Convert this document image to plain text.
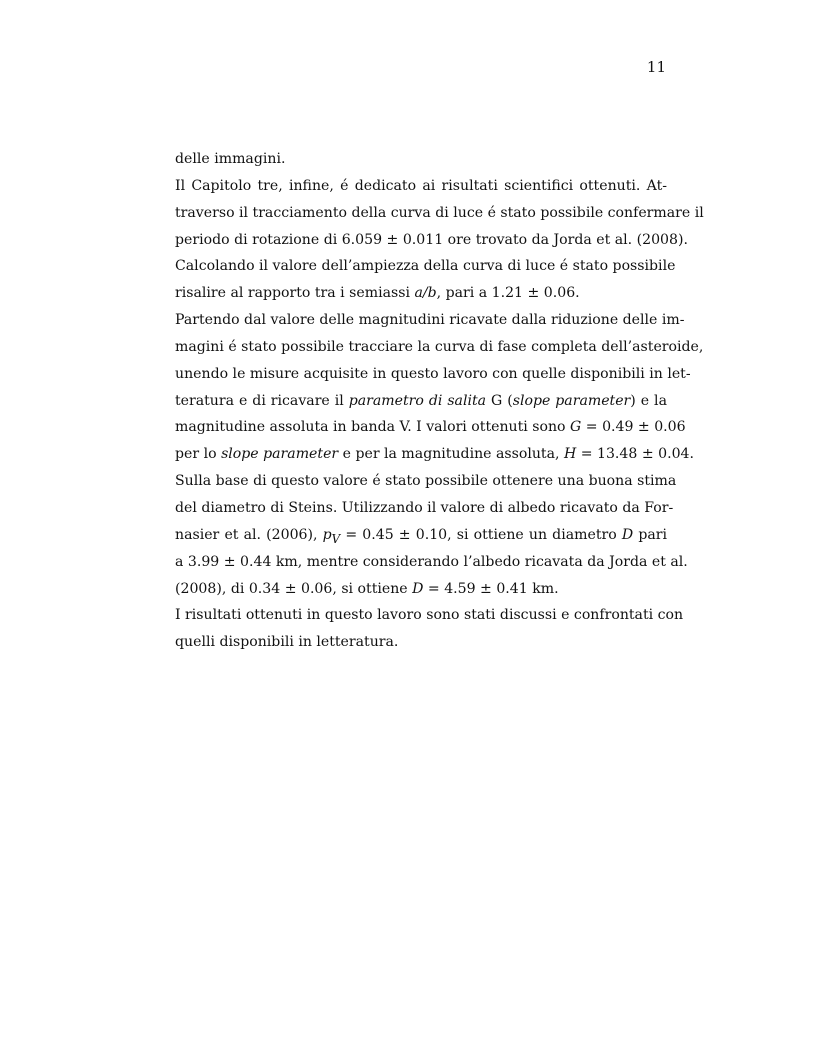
11
delle immagini.
Il Capitolo tre, infine, é dedicato ai risultati scientifici ottenuti. At-
traverso il tracciamento della curva di luce é stato possibile confermare il
periodo di rotazione di 6.059 ± 0.011 ore trovato da Jorda et al. (2008).
Calcolando il valore dell’ampiezza della curva di luce é stato possibile
risalire al rapporto tra i semiassi a/b, pari a 1.21 ± 0.06.
Partendo dal valore delle magnitudini ricavate dalla riduzione delle im-
magini é stato possibile tracciare la curva di fase completa dell’asteroide,
unendo le misure acquisite in questo lavoro con quelle disponibili in let-
teratura e di ricavare il parametro di salita G (slope parameter) e la
magnitudine assoluta in banda V. I valori ottenuti sono G = 0.49 ± 0.06
per lo slope parameter e per la magnitudine assoluta, H = 13.48 ± 0.04.
Sulla base di questo valore é stato possibile ottenere una buona stima
del diametro di Steins. Utilizzando il valore di albedo ricavato da For-
nasier et al. (2006), $p_V = 0.45 \pm 0.10$, si ottiene un diametro D pari
a 3.99 ± 0.44 km, mentre considerando l’albedo ricavata da Jorda et al.
(2008), di 0.34 ± 0.06, si ottiene D = 4.59 ± 0.41 km.
I risultati ottenuti in questo lavoro sono stati discussi e confrontati con
quelli disponibili in letteratura.
